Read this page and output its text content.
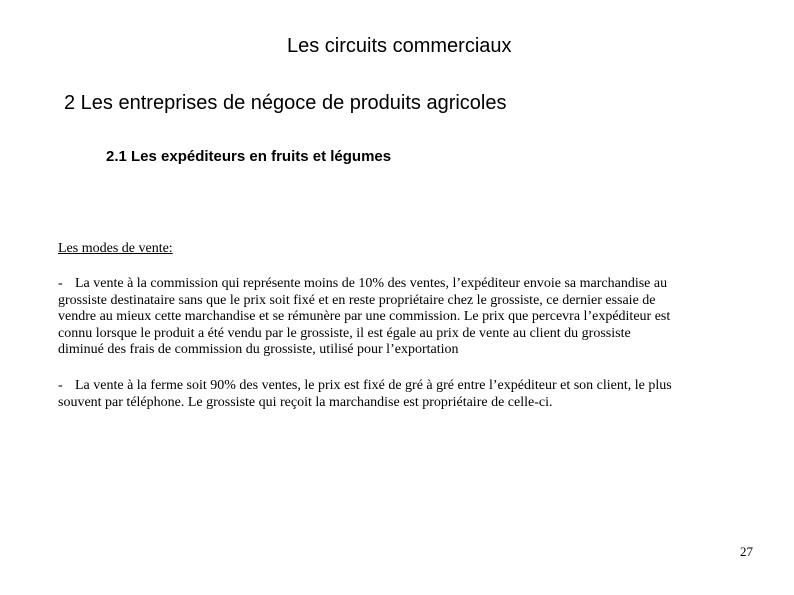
Les circuits commerciaux
2 Les entreprises de négoce de produits agricoles
2.1 Les expéditeurs en fruits et légumes
Les modes de vente:
- La vente à la commission qui représente moins de 10% des ventes, l’expéditeur envoie sa marchandise au
grossiste destinataire sans que le prix soit fixé et en reste propriétaire chez le grossiste, ce dernier essaie de
vendre au mieux cette marchandise et se rémunère par une commission. Le prix que percevra l’expéditeur est
connu lorsque le produit a été vendu par le grossiste, il est égale au prix de vente au client du grossiste
diminué des frais de commission du grossiste, utilisé pour l’exportation
- La vente à la ferme soit 90% des ventes, le prix est fixé de gré à gré entre l’expéditeur et son client, le plus
souvent par téléphone. Le grossiste qui reçoit la marchandise est propriétaire de celle-ci.
27
